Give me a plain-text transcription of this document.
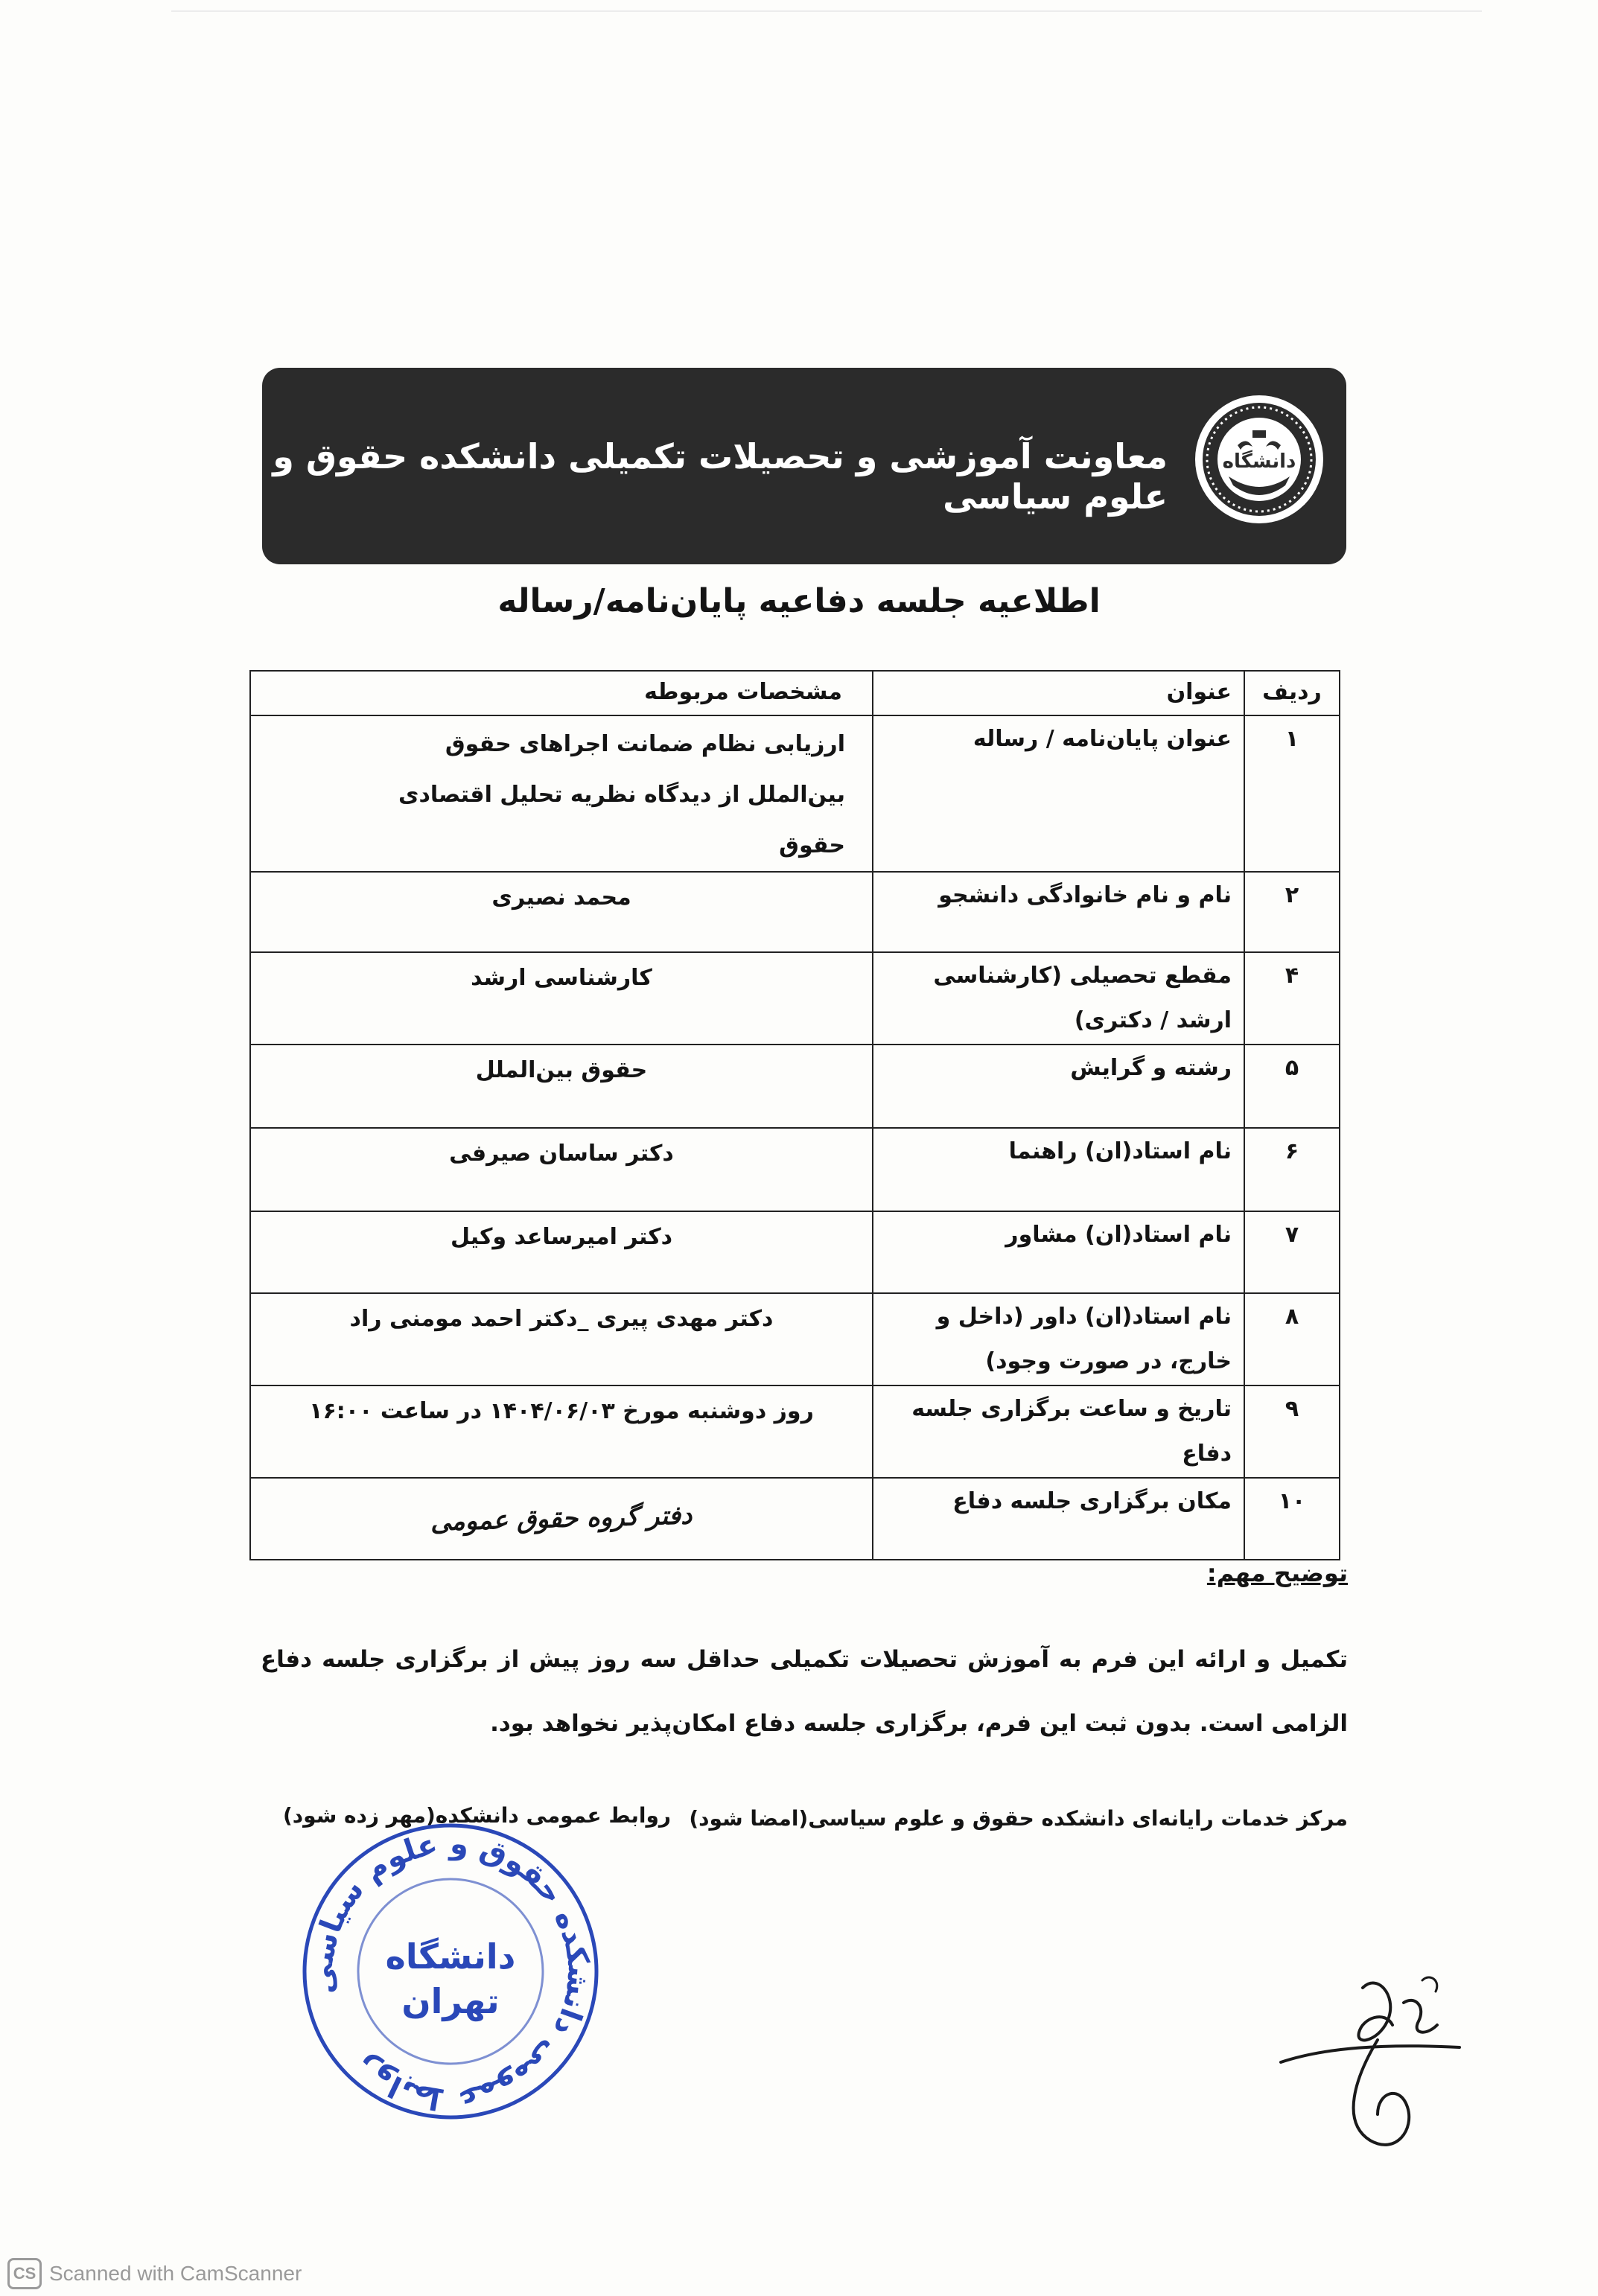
معاونت آموزشی و تحصیلات تکمیلی دانشکده حقوق و علوم سیاسی
دانشگاه
اطلاعیه جلسه دفاعیه پایان‌نامه/رساله
ردیف	عنوان	مشخصات مربوطه
۱	عنوان پایان‌نامه / رساله	ارزیابی نظام ضمانت اجراهای حقوق بین‌الملل از دیدگاه نظریه تحلیل اقتصادی حقوق
۲	نام و نام خانوادگی دانشجو	محمد نصیری
۴	مقطع تحصیلی (کارشناسی ارشد / دکتری)	کارشناسی ارشد
۵	رشته و گرایش	حقوق بین‌الملل
۶	نام استاد(ان) راهنما	دکتر ساسان صیرفی
۷	نام استاد(ان) مشاور	دکتر امیرساعد وکیل
۸	نام استاد(ان) داور (داخل و خارج، در صورت وجود)	دکتر مهدی پیری _دکتر احمد مومنی راد
۹	تاریخ و ساعت برگزاری جلسه دفاع	روز دوشنبه مورخ ۱۴۰۴/۰۶/۰۳ در ساعت ۱۶:۰۰
۱۰	مکان برگزاری جلسه دفاع	دفتر گروه حقوق عمومی
توضیح مهم:
تکمیل و ارائه این فرم به آموزش تحصیلات تکمیلی حداقل سه روز پیش از برگزاری جلسه دفاع الزامی است. بدون ثبت این فرم، برگزاری جلسه دفاع امکان‌پذیر نخواهد بود.
مرکز خدمات رایانه‌ای دانشکده حقوق و علوم سیاسی(امضا شود)
روابط عمومی دانشکده(مهر زده شود)
روابط عمومی دانشکده حقوق و علوم سیاسی
دانشگاه
تهران
CS Scanned with CamScanner
